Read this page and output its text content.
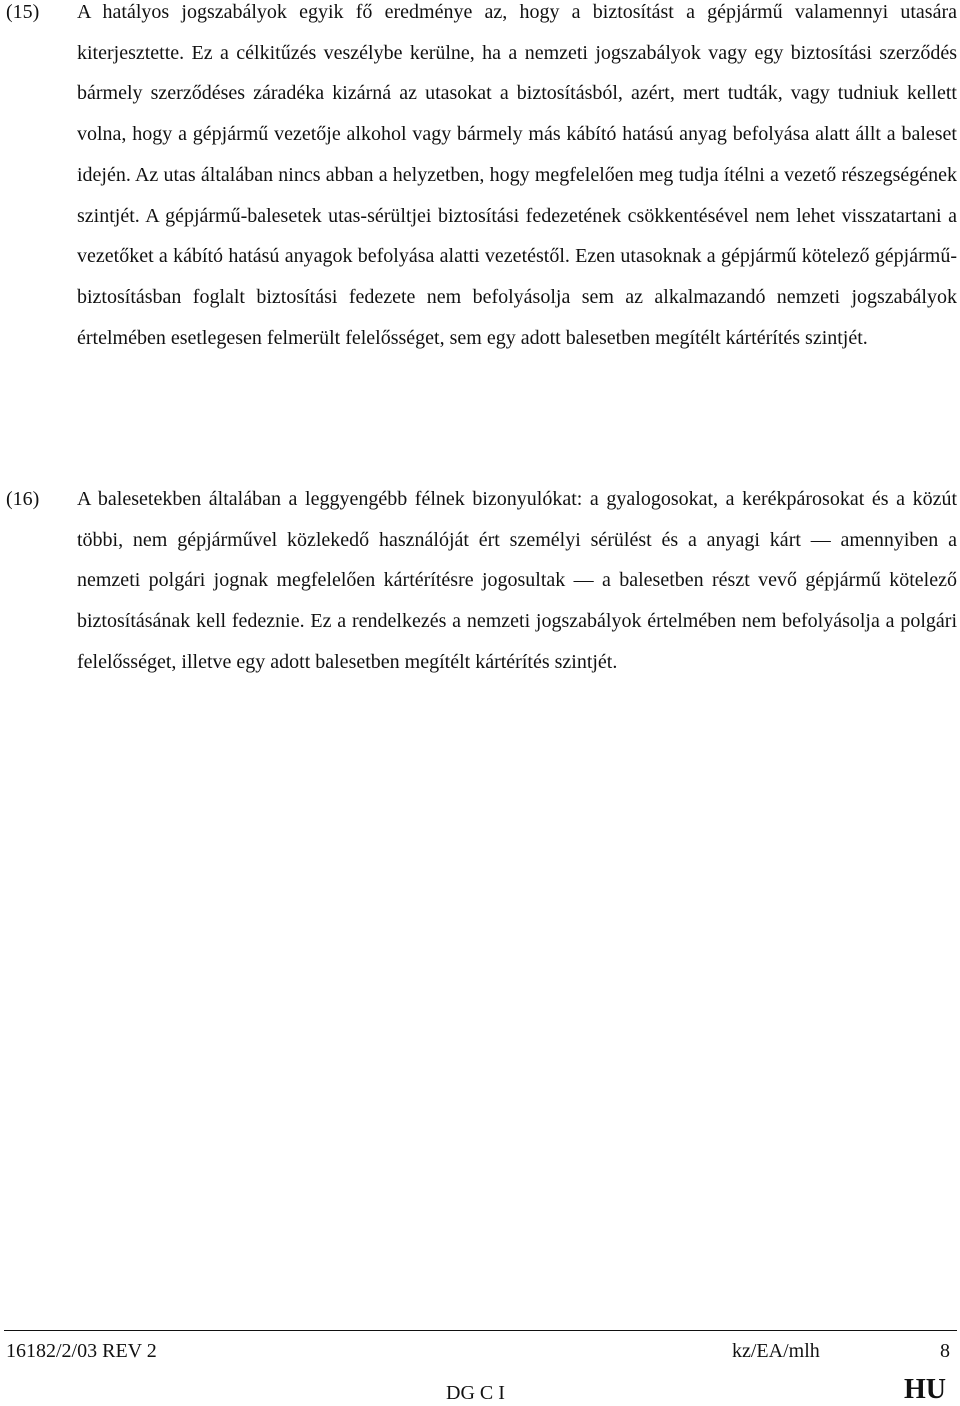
(15) A hatályos jogszabályok egyik fő eredménye az, hogy a biztosítást a gépjármű valamennyi utasára kiterjesztette. Ez a célkitűzés veszélybe kerülne, ha a nemzeti jogszabályok vagy egy biztosítási szerződés bármely szerződéses záradéka kizárná az utasokat a biztosításból, azért, mert tudták, vagy tudniuk kellett volna, hogy a gépjármű vezetője alkohol vagy bármely más kábító hatású anyag befolyása alatt állt a baleset idején. Az utas általában nincs abban a helyzetben, hogy megfelelően meg tudja ítélni a vezető részegségének szintjét. A gépjármű-balesetek utas-sérültjei biztosítási fedezetének csökkentésével nem lehet visszatartani a vezetőket a kábító hatású anyagok befolyása alatti vezetéstől. Ezen utasoknak a gépjármű kötelező gépjármű-biztosításban foglalt biztosítási fedezete nem befolyásolja sem az alkalmazandó nemzeti jogszabályok értelmében esetlegesen felmerült felelősséget, sem egy adott balesetben megítélt kártérítés szintjét.

(16) A balesetekben általában a leggyengébb félnek bizonyulókat: a gyalogosokat, a kerékpárosokat és a közút többi, nem gépjárművel közlekedő használóját ért személyi sérülést és a anyagi kárt — amennyiben a nemzeti polgári jognak megfelelően kártérítésre jogosultak — a balesetben részt vevő gépjármű kötelező biztosításának kell fedeznie. Ez a rendelkezés a nemzeti jogszabályok értelmében nem befolyásolja a polgári felelősséget, illetve egy adott balesetben megítélt kártérítés szintjét.

16182/2/03 REV 2	kz/EA/mlh	8
DG C I	HU
